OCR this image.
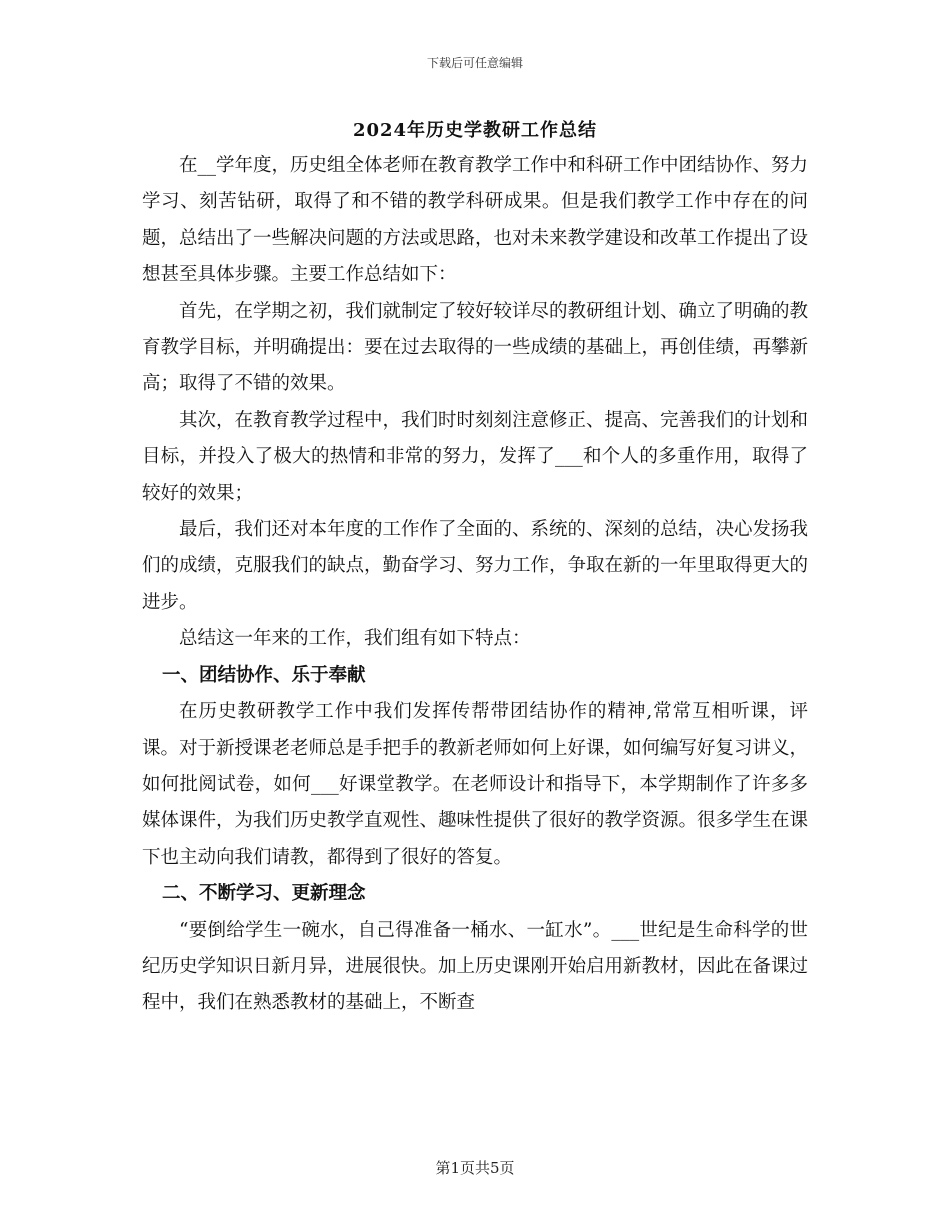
下载后可任意编辑
2024年历史学教研工作总结

在__学年度，历史组全体老师在教育教学工作中和科研工作中团结协作、努力学习、刻苦钻研，取得了和不错的教学科研成果。但是我们教学工作中存在的问题，总结出了一些解决问题的方法或思路，也对未来教学建设和改革工作提出了设想甚至具体步骤。主要工作总结如下：

首先，在学期之初，我们就制定了较好较详尽的教研组计划、确立了明确的教育教学目标，并明确提出：要在过去取得的一些成绩的基础上，再创佳绩，再攀新高；取得了不错的效果。

其次，在教育教学过程中，我们时时刻刻注意修正、提高、完善我们的计划和目标，并投入了极大的热情和非常的努力，发挥了___和个人的多重作用，取得了较好的效果；

最后，我们还对本年度的工作作了全面的、系统的、深刻的总结，决心发扬我们的成绩，克服我们的缺点，勤奋学习、努力工作，争取在新的一年里取得更大的进步。

总结这一年来的工作，我们组有如下特点：

一、团结协作、乐于奉献

在历史教研教学工作中我们发挥传帮带团结协作的精神,常常互相听课，评课。对于新授课老老师总是手把手的教新老师如何上好课，如何编写好复习讲义，如何批阅试卷，如何___好课堂教学。在老师设计和指导下，本学期制作了许多多媒体课件，为我们历史教学直观性、趣味性提供了很好的教学资源。很多学生在课下也主动向我们请教，都得到了很好的答复。

二、不断学习、更新理念

“要倒给学生一碗水，自己得准备一桶水、一缸水”。___世纪是生命科学的世纪历史学知识日新月异，进展很快。加上历史课刚开始启用新教材，因此在备课过程中，我们在熟悉教材的基础上，不断查

第1页共5页
